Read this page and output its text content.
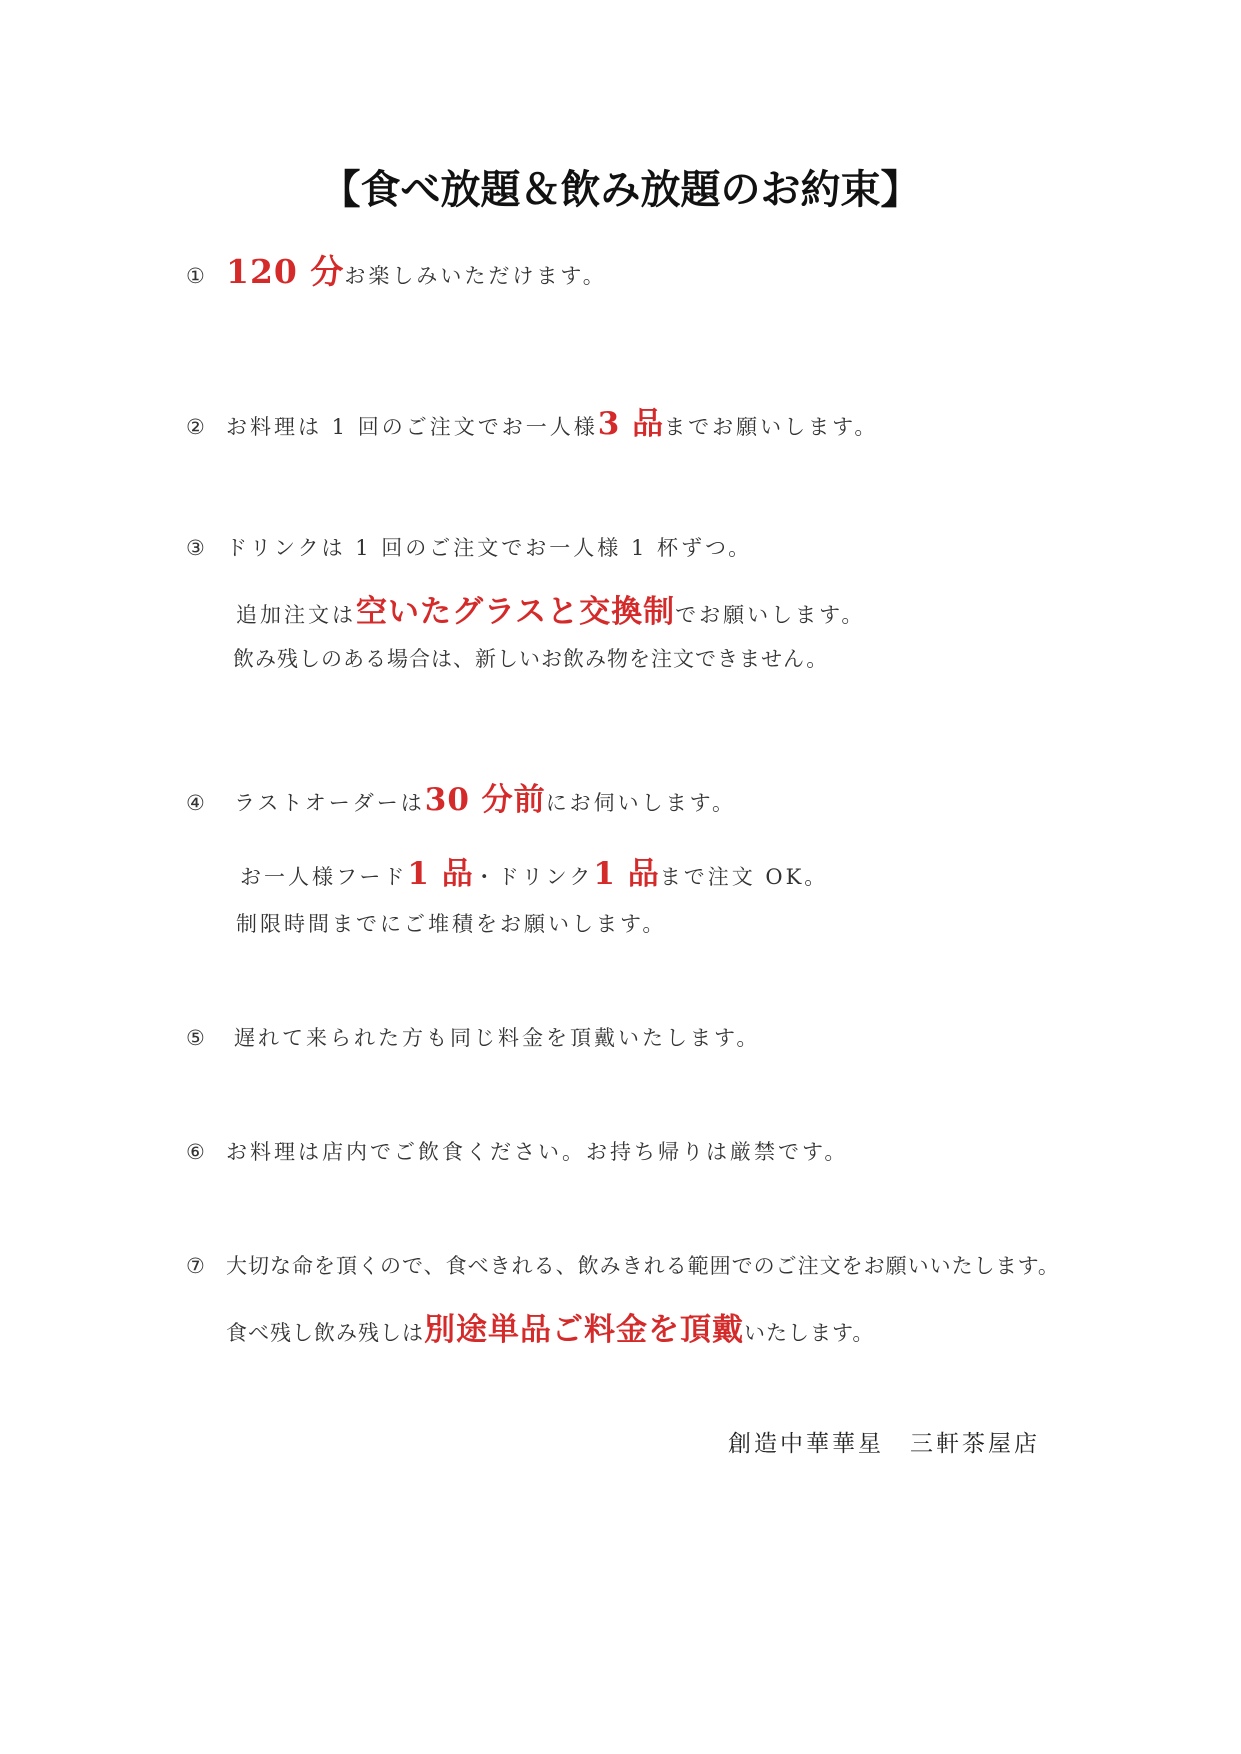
【食べ放題＆飲み放題のお約束】
① 120 分お楽しみいただけます。
② お料理は 1 回のご注文でお一人様3 品までお願いします。
③ ドリンクは 1 回のご注文でお一人様 1 杯ずつ。
追加注文は空いたグラスと交換制でお願いします。
飲み残しのある場合は、新しいお飲み物を注文できません。
④ ラストオーダーは30 分前にお伺いします。
お一人様フード1 品・ドリンク1 品まで注文 OK。
制限時間までにご堆積をお願いします。
⑤ 遅れて来られた方も同じ料金を頂戴いたします。
⑥ お料理は店内でご飲食ください。お持ち帰りは厳禁です。
⑦ 大切な命を頂くので、食べきれる、飲みきれる範囲でのご注文をお願いいたします。
食べ残し飲み残しは別途単品ご料金を頂戴いたします。
創造中華華星　三軒茶屋店
